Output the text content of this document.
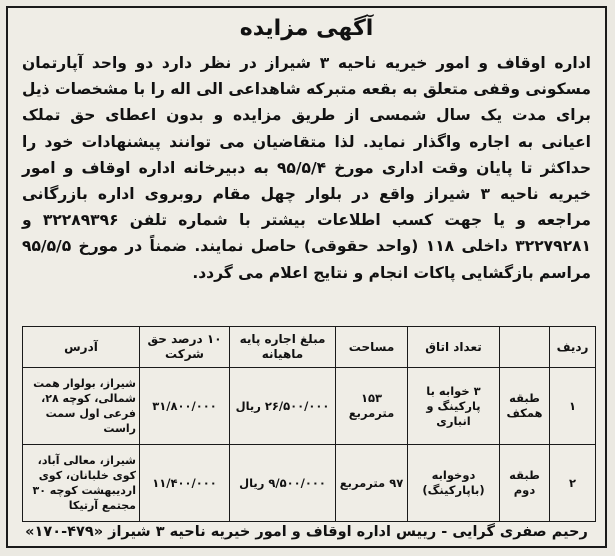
آگهی مزایده

اداره اوقاف و امور خیریه ناحیه ۳ شیراز در نظر دارد دو واحد آپارتمان مسکونی وقفی متعلق به بقعه متبرکه شاهداعی الی اله را با مشخصات ذیل برای مدت یک سال شمسی از طریق مزایده و بدون اعطای حق تملک اعیانی به اجاره واگذار نماید. لذا متقاضیان می توانند پیشنهادات خود را حداکثر تا پایان وقت اداری مورخ ۹۵/۵/۴ به دبیرخانه اداره اوقاف و امور خیریه ناحیه ۳ شیراز واقع در بلوار چهل مقام روبروی اداره بازرگانی مراجعه و یا جهت کسب اطلاعات بیشتر با شماره تلفن ۳۲۲۸۹۳۹۶ و ۳۲۲۷۹۲۸۱ داخلی ۱۱۸ (واحد حقوقی) حاصل نمایند. ضمناً در مورخ ۹۵/۵/۵ مراسم بازگشایی پاکات انجام و نتایج اعلام می گردد.

ردیف		تعداد اتاق	مساحت	مبلغ اجاره پایه ماهیانه	۱۰ درصد حق شرکت	آدرس
۱	طبقه همکف	۳ خوابه با پارکینگ و انباری	۱۵۳ مترمربع	۲۶/۵۰۰/۰۰۰ ریال	۳۱/۸۰۰/۰۰۰	شیراز، بولوار همت شمالی، کوچه ۲۸، فرعی اول سمت راست
۲	طبقه دوم	دوخوابه (باپارکینگ)	۹۷ مترمربع	۹/۵۰۰/۰۰۰ ریال	۱۱/۴۰۰/۰۰۰	شیراز، معالی آباد، کوی خلبانان، کوی اردیبهشت کوچه ۳۰ مجتمع آرتیکا
رحیم صفری گرایی - رییس اداره اوقاف و امور خیریه ناحیه ۳ شیراز «۴۷۹-۱۷۰»
